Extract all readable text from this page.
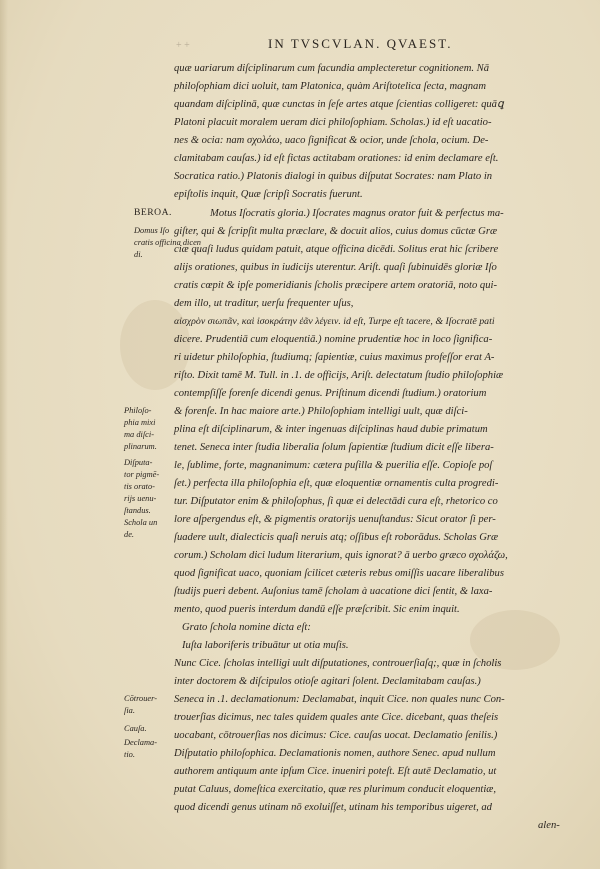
+ +	IN TVSCVLAN. QVAEST.
quæ uariarum diſciplinarum cum facundia amplecteretur cognitionem. Nā
philoſophiam dici uoluit, tam Platonica, quàm Ariſtotelica ſecta, magnam
quandam diſciplinā, quæ cunctas in ſeſe artes atque ſcientias colligeret: quāꝗ
Platoni placuit moralem ueram dici philoſophiam. Scholas.) id eſt uacatio-
nes & ocia: nam σχολάω, uaco ſignificat & ocior, unde ſchola, ocium. De-
clamitabam cauſas.) id eſt fictas actitabam orationes: id enim declamare eſt.
Socratica ratio.) Platonis dialogi in quibus diſputat Socrates: nam Plato in
epiſtolis inquit, Quæ ſcripſi Socratis fuerunt.
Motus Iſocratis gloria.) Iſocrates magnus orator fuit & perfectus ma-
giſter, qui & ſcripſit multa præclare, & docuit alios, cuius domus cūctæ Græ
ciæ quaſi ludus quidam patuit, atque officina dicēdi. Solitus erat hic ſcribere
alijs orationes, quibus in iudicijs uterentur. Ariſt. quaſi ſubinuidēs gloriæ Iſo
cratis cœpit & ipſe pomeridianis ſcholis præcipere artem oratoriā, noto qui-
dem illo, ut traditur, uerſu frequenter uſus,
αἰσχρὸν σιωπᾶν, καὶ ἰσοκράτην ἐᾶν λέγειν. id eſt, Turpe eſt tacere, & Iſocratē pati
dicere. Prudentiā cum eloquentiā.) nomine prudentiæ hoc in loco ſignifica-
ri uidetur philoſophia, ſtudiumq; ſapientiæ, cuius maximus profeſſor erat A-
riſto. Dixit tamē M. Tull. in .1. de officijs, Ariſt. delectatum ſtudio philoſophiæ
contempſiſſe forenſe dicendi genus. Priſtinum dicendi ſtudium.) oratorium
& forenſe. In hac maiore arte.) Philoſophiam intelligi uult, quæ diſci-
plina eſt diſciplinarum, & inter ingenuas diſciplinas haud dubie primatum
tenet. Seneca inter ſtudia liberalia ſolum ſapientiæ ſtudium dicit eſſe libera-
le, ſublime, forte, magnanimum: cætera puſilla & puerilia eſſe. Copioſe poſ
ſet.) perfecta illa philoſophia eſt, quæ eloquentiæ ornamentis culta progredi-
tur. Diſputator enim & philoſophus, ſi quæ ei delectādi cura eſt, rhetorico co
lore aſpergendus eſt, & pigmentis oratorijs uenuſtandus: Sicut orator ſi per-
ſuadere uult, dialecticis quaſi neruis atq; oſſibus eſt roborādus. Scholas Græ
corum.) Scholam dici ludum literarium, quis ignorat? ā uerbo græco σχολάζω,
quod ſignificat uaco, quoniam ſcilicet cæteris rebus omiſſis uacare liberalibus
ſtudijs pueri debent. Auſonius tamē ſcholam à uacatione dici ſentit, & laxa-
mento, quod pueris interdum dandū eſſe præſcribit. Sic enim inquit.
Grato ſchola nomine dicta eſt:
Iuſta laboriferis tribuātur ut otia muſis.
Nunc Cice. ſcholas intelligi uult diſputationes, controuerſiaſq;, quæ in ſcholis
inter doctorem & diſcipulos otioſe agitari ſolent. Declamitabam cauſas.)
Seneca in .1. declamationum: Declamabat, inquit Cice. non quales nunc Con-
trouerſias dicimus, nec tales quidem quales ante Cice. dicebant, quas theſeis
uocabant, cōtrouerſias nos dicimus: Cice. cauſas uocat. Declamatio ſenilis.)
Diſputatio philoſophica. Declamationis nomen, authore Senec. apud nullum
authorem antiquum ante ipſum Cice. inueniri poteſt. Eſt autē Declamatio, ut
putat Caluus, domeſtica exercitatio, quæ res plurimum conducit eloquentiæ,
quod dicendi genus utinam nō exoluiſſet, utinam his temporibus uigeret, ad
alen-
BEROA.
Domus Iſo
cratis officina dicen
di.
Philoſo-
phia mixi
ma diſci-
plinarum.
Diſputa-
tor pigmē-
tis orato-
rijs uenu-
ſtandus.
Schola un
de.
Cōtrouer-
ſia.
Cauſa.
Declama-
tio.
